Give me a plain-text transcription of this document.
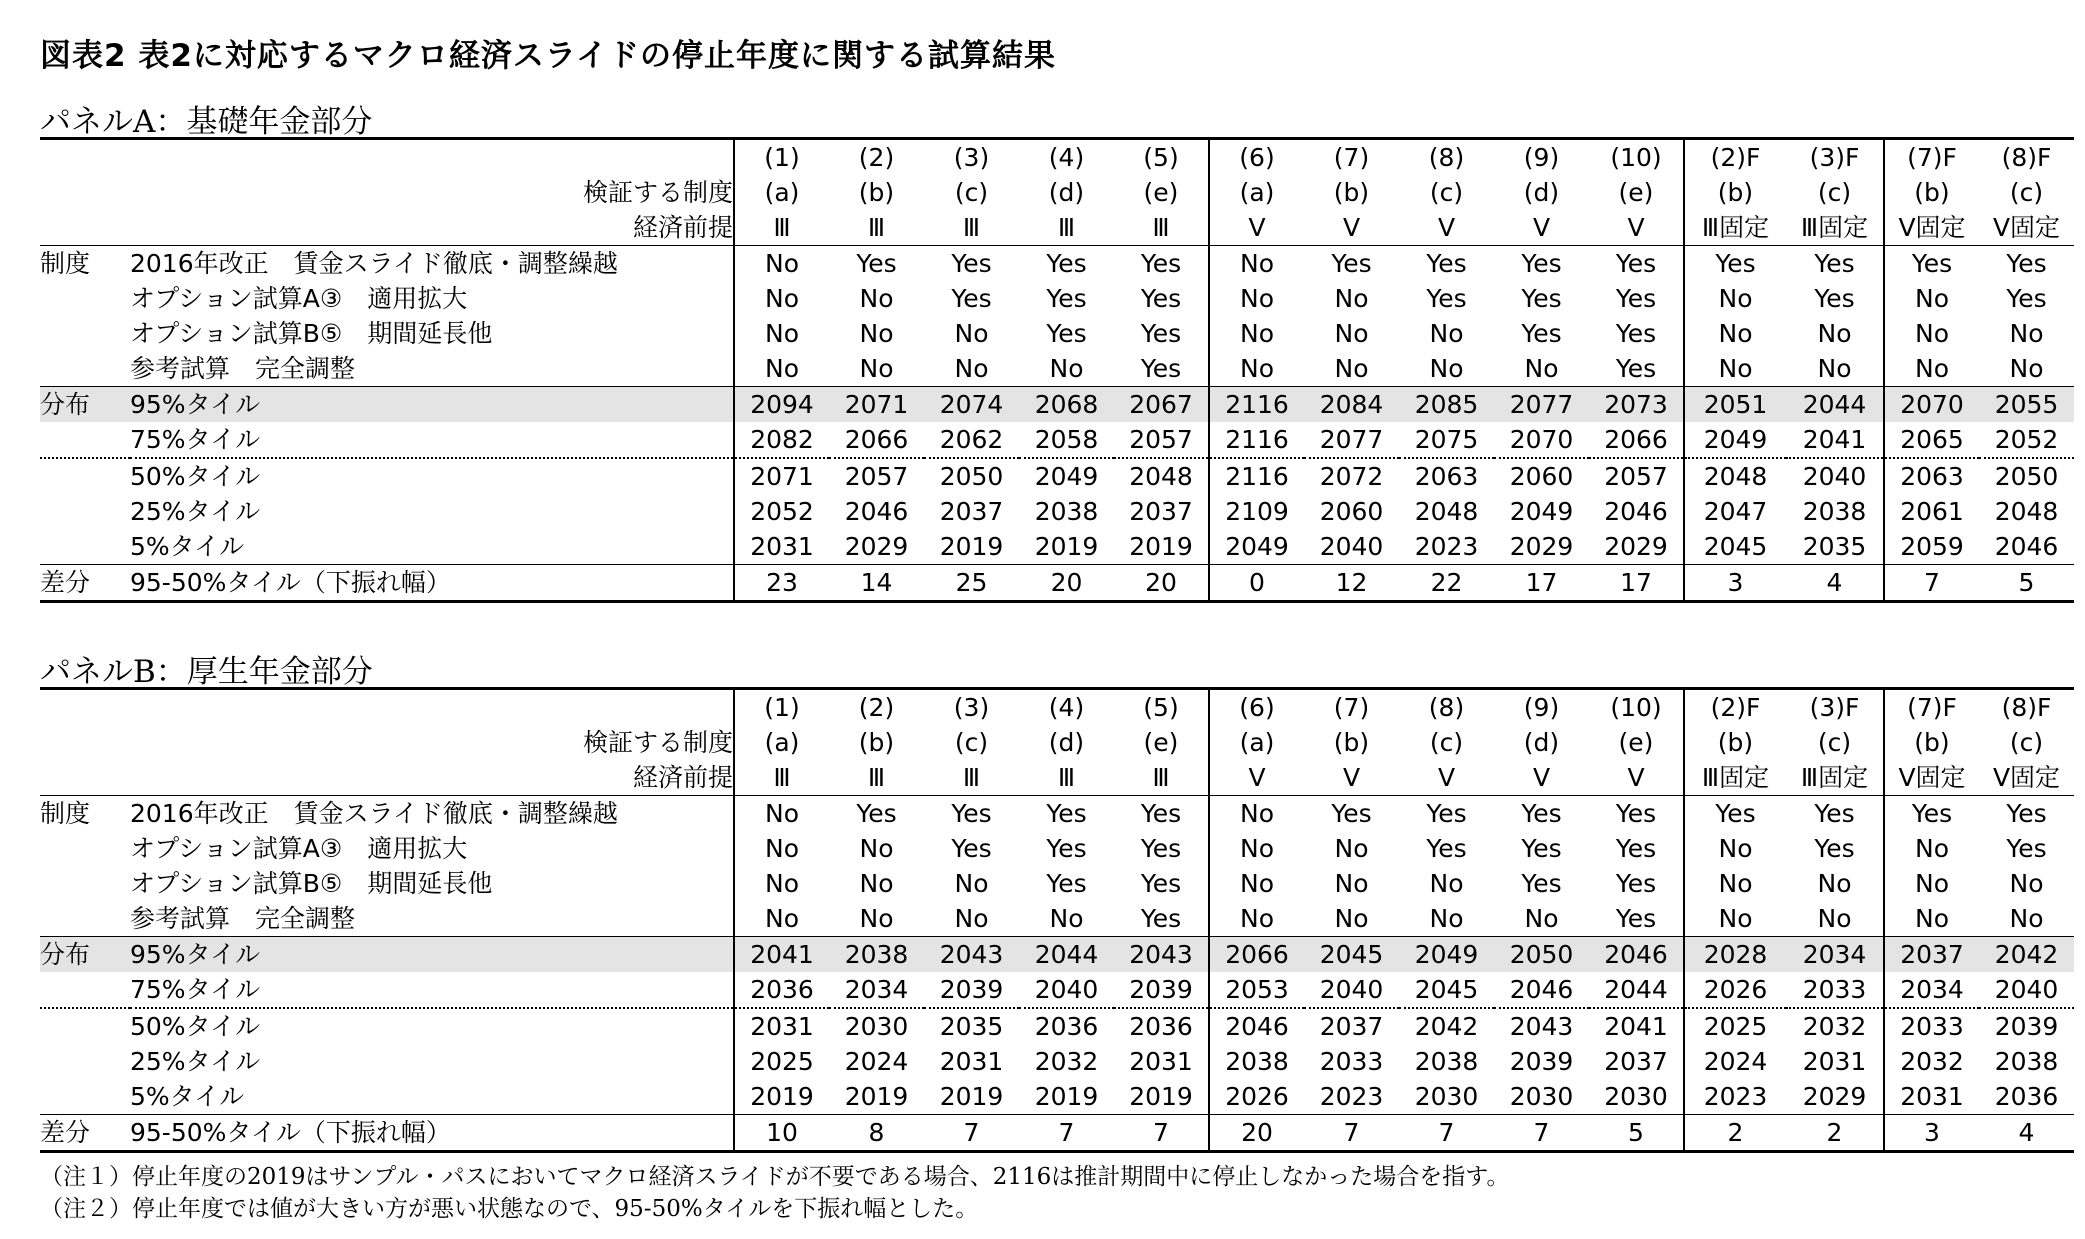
図表2 表2に対応するマクロ経済スライドの停止年度に関する試算結果
パネルA：基礎年金部分
		(1)	(2)	(3)	(4)	(5)	(6)	(7)	(8)	(9)	(10)	(2)F	(3)F	(7)F	(8)F
検証する制度		(a)	(b)	(c)	(d)	(e)	(a)	(b)	(c)	(d)	(e)	(b)	(c)	(b)	(c)
経済前提		Ⅲ	Ⅲ	Ⅲ	Ⅲ	Ⅲ	Ⅴ	Ⅴ	Ⅴ	Ⅴ	Ⅴ	Ⅲ固定	Ⅲ固定	Ⅴ固定	Ⅴ固定
制度	2016年改正　賃金スライド徹底・調整繰越	No	Yes	Yes	Yes	Yes	No	Yes	Yes	Yes	Yes	Yes	Yes	Yes	Yes
	オプション試算A③　適用拡大	No	No	Yes	Yes	Yes	No	No	Yes	Yes	Yes	No	Yes	No	Yes
	オプション試算B⑤　期間延長他	No	No	No	Yes	Yes	No	No	No	Yes	Yes	No	No	No	No
	参考試算　完全調整	No	No	No	No	Yes	No	No	No	No	Yes	No	No	No	No
分布	95%タイル	2094	2071	2074	2068	2067	2116	2084	2085	2077	2073	2051	2044	2070	2055
	75%タイル	2082	2066	2062	2058	2057	2116	2077	2075	2070	2066	2049	2041	2065	2052
	50%タイル	2071	2057	2050	2049	2048	2116	2072	2063	2060	2057	2048	2040	2063	2050
	25%タイル	2052	2046	2037	2038	2037	2109	2060	2048	2049	2046	2047	2038	2061	2048
	5%タイル	2031	2029	2019	2019	2019	2049	2040	2023	2029	2029	2045	2035	2059	2046
差分	95-50%タイル（下振れ幅）	23	14	25	20	20	0	12	22	17	17	3	4	7	5
パネルB：厚生年金部分
		(1)	(2)	(3)	(4)	(5)	(6)	(7)	(8)	(9)	(10)	(2)F	(3)F	(7)F	(8)F
検証する制度		(a)	(b)	(c)	(d)	(e)	(a)	(b)	(c)	(d)	(e)	(b)	(c)	(b)	(c)
経済前提		Ⅲ	Ⅲ	Ⅲ	Ⅲ	Ⅲ	Ⅴ	Ⅴ	Ⅴ	Ⅴ	Ⅴ	Ⅲ固定	Ⅲ固定	Ⅴ固定	Ⅴ固定
制度	2016年改正　賃金スライド徹底・調整繰越	No	Yes	Yes	Yes	Yes	No	Yes	Yes	Yes	Yes	Yes	Yes	Yes	Yes
	オプション試算A③　適用拡大	No	No	Yes	Yes	Yes	No	No	Yes	Yes	Yes	No	Yes	No	Yes
	オプション試算B⑤　期間延長他	No	No	No	Yes	Yes	No	No	No	Yes	Yes	No	No	No	No
	参考試算　完全調整	No	No	No	No	Yes	No	No	No	No	Yes	No	No	No	No
分布	95%タイル	2041	2038	2043	2044	2043	2066	2045	2049	2050	2046	2028	2034	2037	2042
	75%タイル	2036	2034	2039	2040	2039	2053	2040	2045	2046	2044	2026	2033	2034	2040
	50%タイル	2031	2030	2035	2036	2036	2046	2037	2042	2043	2041	2025	2032	2033	2039
	25%タイル	2025	2024	2031	2032	2031	2038	2033	2038	2039	2037	2024	2031	2032	2038
	5%タイル	2019	2019	2019	2019	2019	2026	2023	2030	2030	2030	2023	2029	2031	2036
差分	95-50%タイル（下振れ幅）	10	8	7	7	7	20	7	7	7	5	2	2	3	4
（注１）停止年度の2019はサンプル・パスにおいてマクロ経済スライドが不要である場合、2116は推計期間中に停止しなかった場合を指す。
（注２）停止年度では値が大きい方が悪い状態なので、95-50%タイルを下振れ幅とした。
